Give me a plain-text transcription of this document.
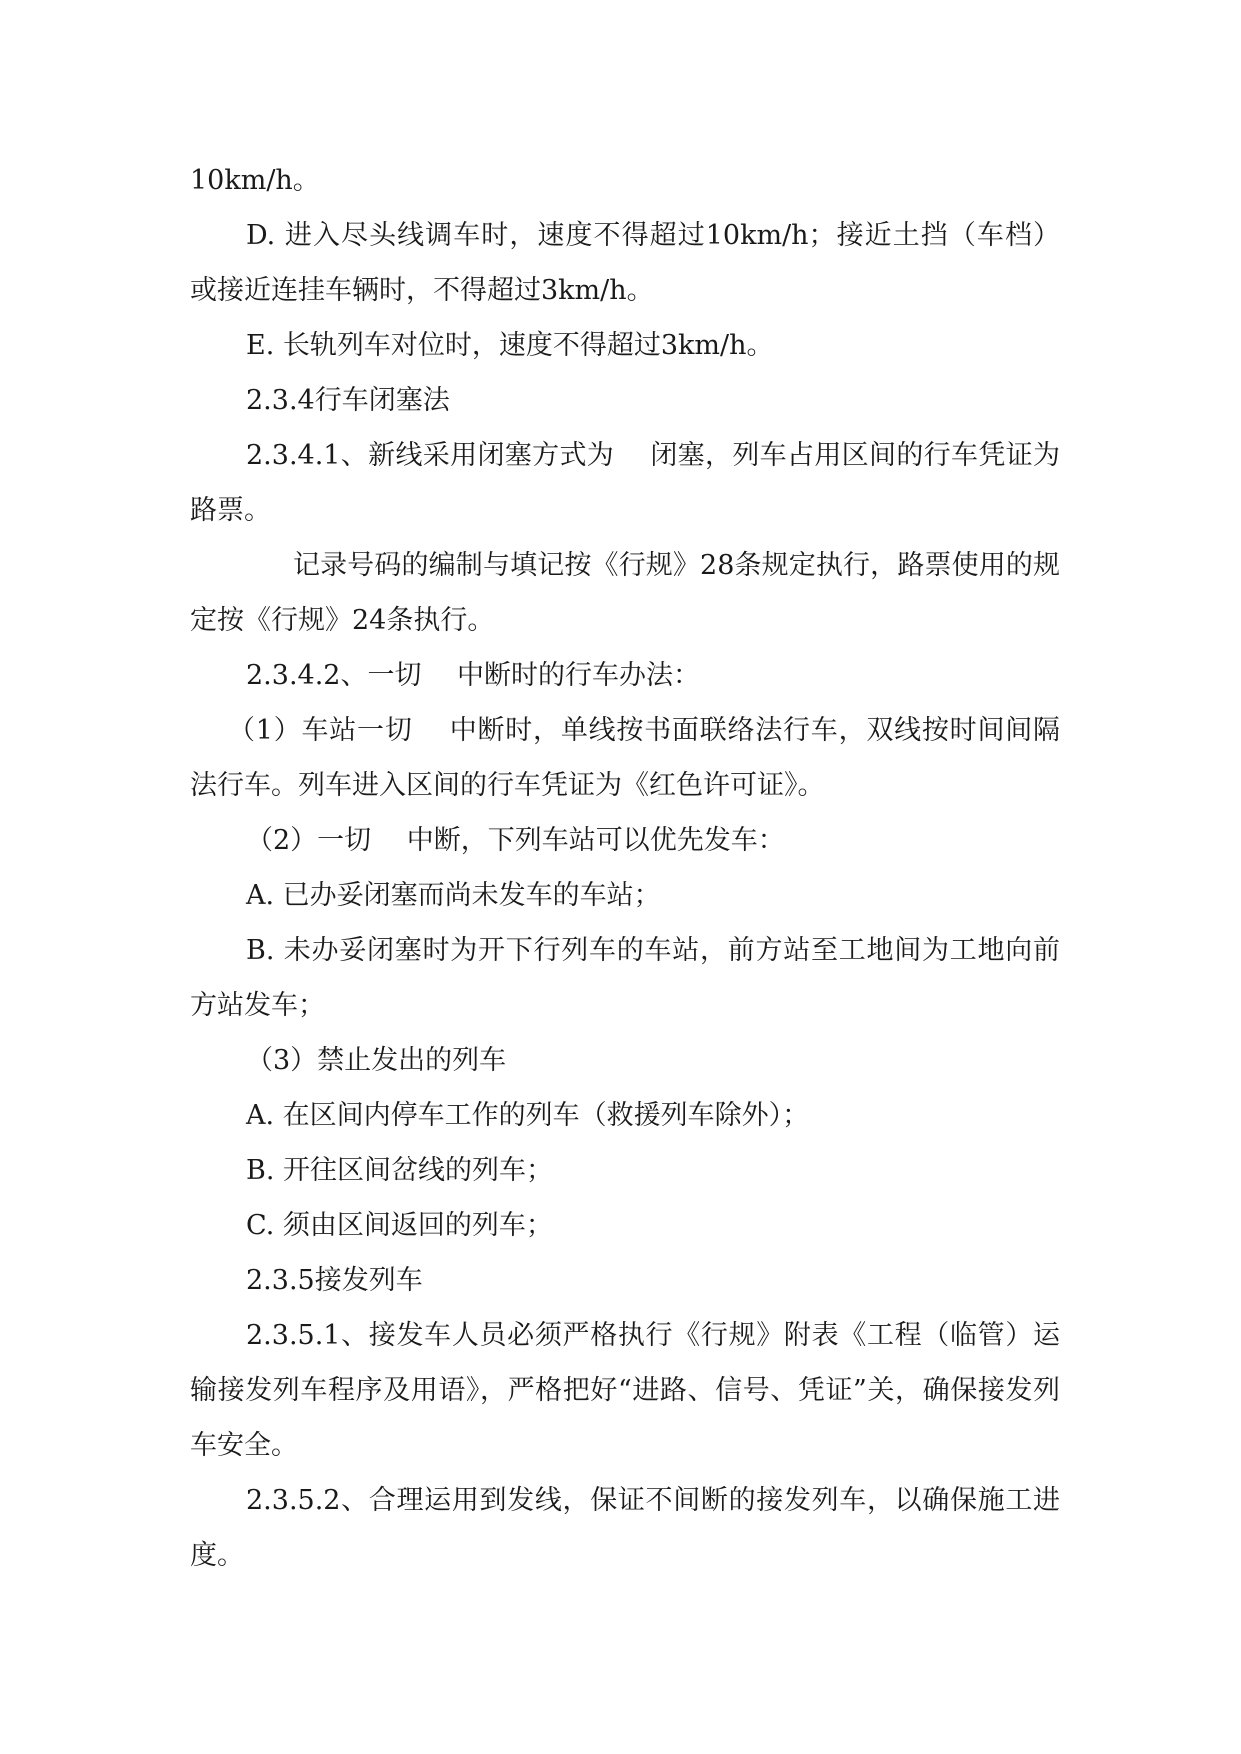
10km/h。

D. 进入尽头线调车时，速度不得超过10km/h；接近土挡（车档）或接近连挂车辆时，不得超过3km/h。

E. 长轨列车对位时，速度不得超过3km/h。

2.3.4行车闭塞法

2.3.4.1、新线采用闭塞方式为　 闭塞，列车占用区间的行车凭证为路票。

记录号码的编制与填记按《行规》28条规定执行，路票使用的规定按《行规》24条执行。

2.3.4.2、一切　 中断时的行车办法：

（1）车站一切　 中断时，单线按书面联络法行车，双线按时间间隔法行车。列车进入区间的行车凭证为《红色许可证》。

（2）一切　 中断，下列车站可以优先发车：

A. 已办妥闭塞而尚未发车的车站；

B. 未办妥闭塞时为开下行列车的车站，前方站至工地间为工地向前方站发车；

（3）禁止发出的列车

A. 在区间内停车工作的列车（救援列车除外）；

B. 开往区间岔线的列车；

C. 须由区间返回的列车；

2.3.5接发列车

2.3.5.1、接发车人员必须严格执行《行规》附表《工程（临管）运输接发列车程序及用语》，严格把好“进路、信号、凭证”关，确保接发列车安全。

2.3.5.2、合理运用到发线，保证不间断的接发列车，以确保施工进度。
